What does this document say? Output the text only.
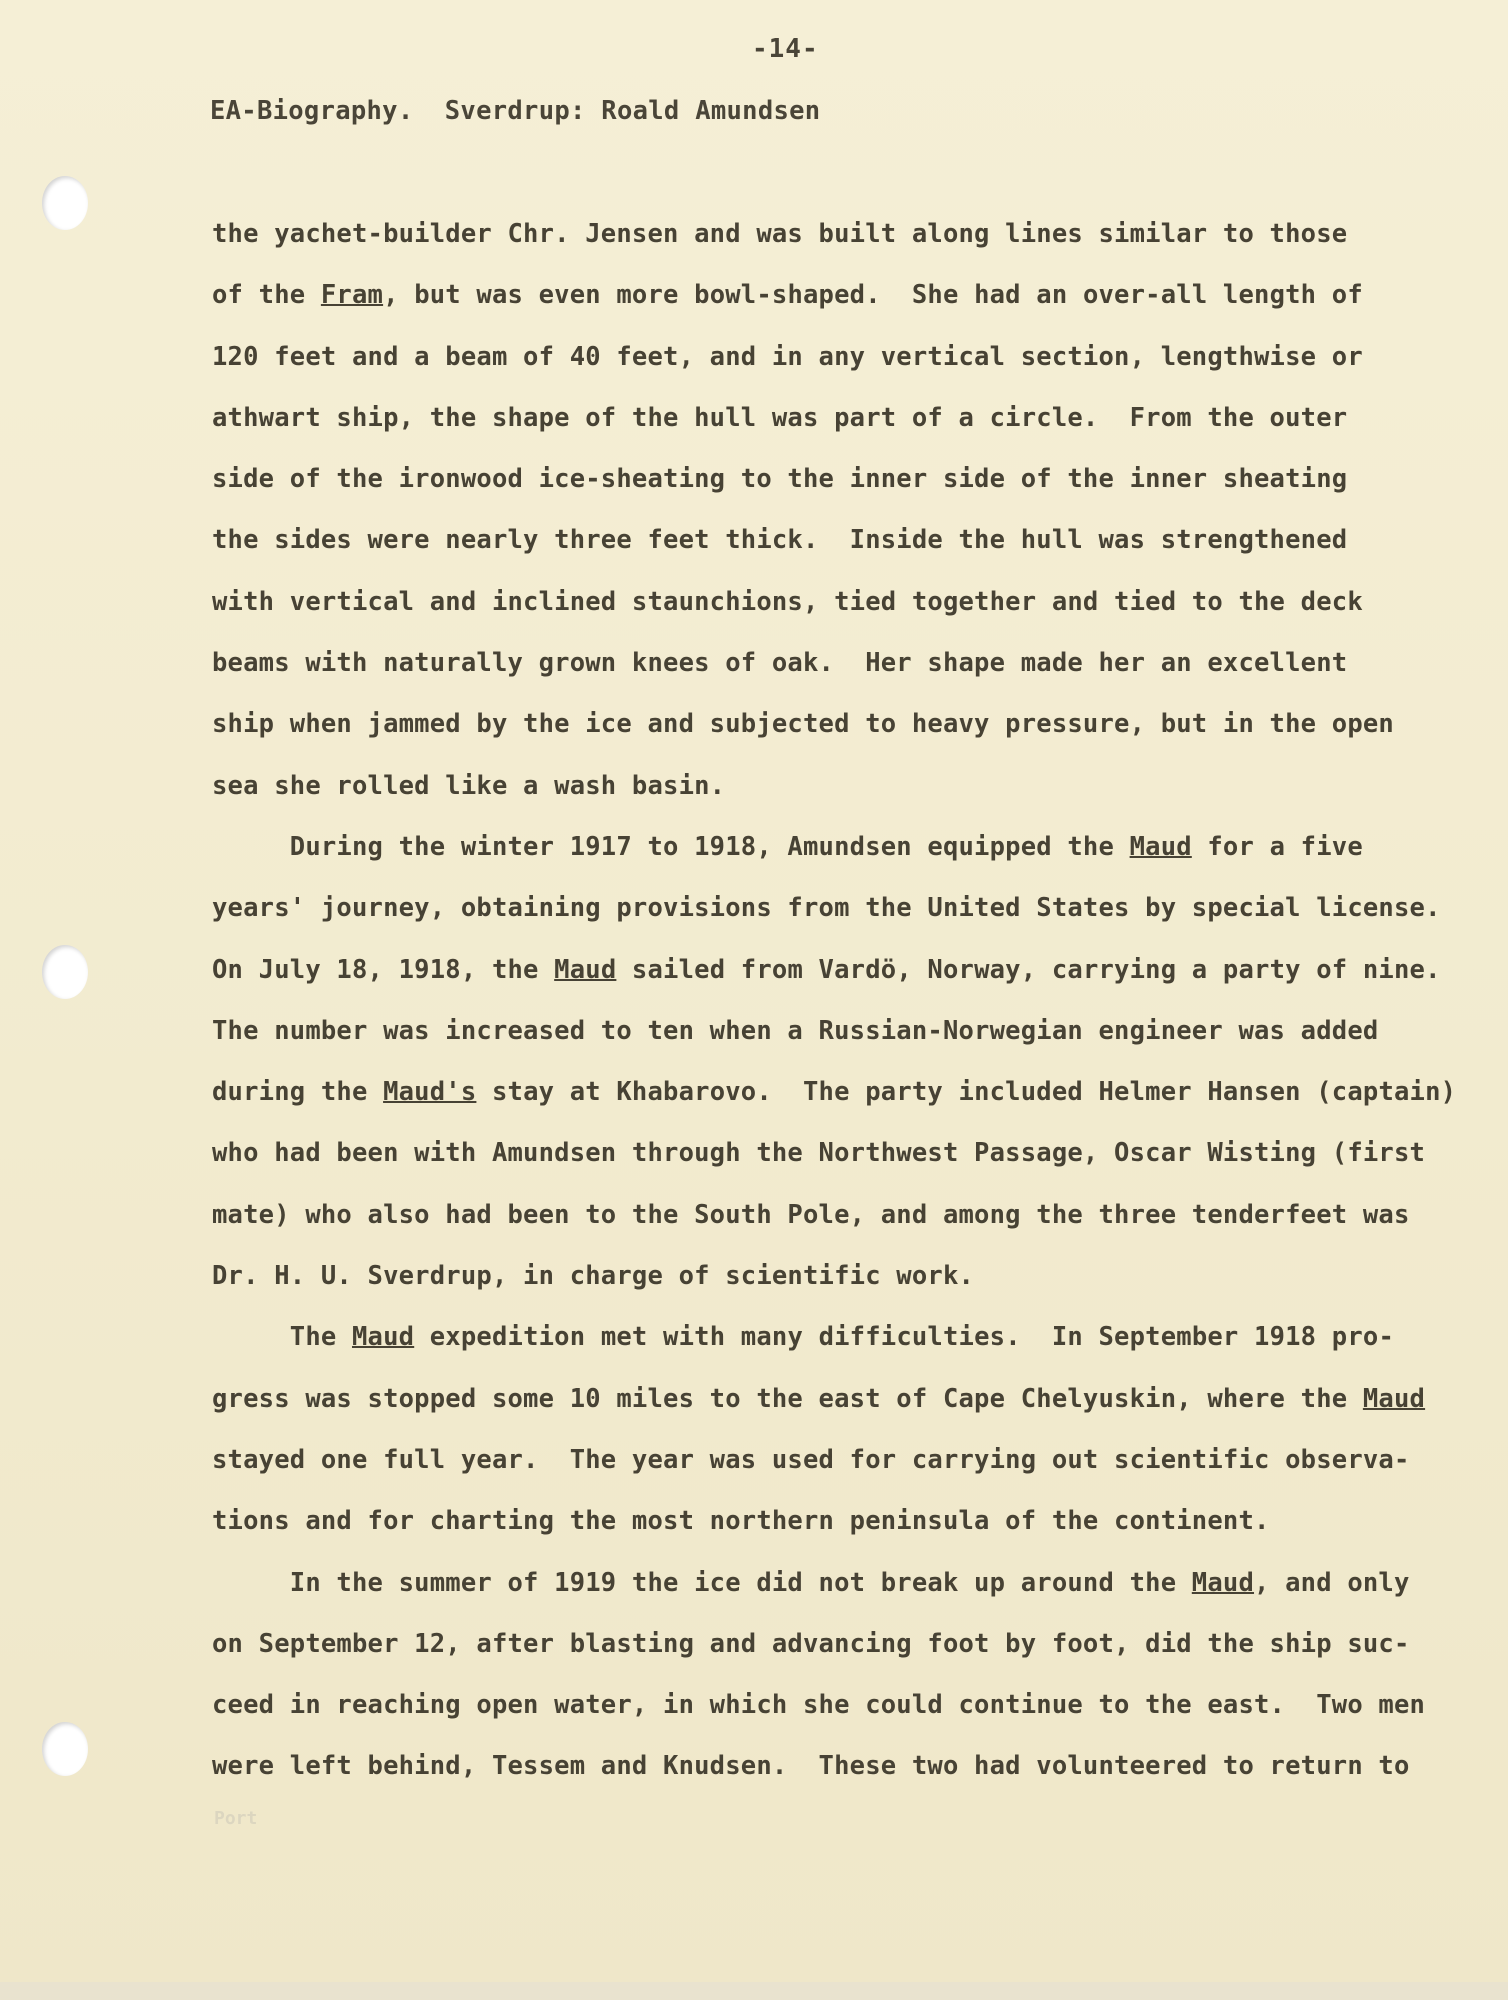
-14-
EA-Biography.  Sverdrup: Roald Amundsen
the yachet-builder Chr. Jensen and was built along lines similar to those
of the Fram, but was even more bowl-shaped.  She had an over-all length of
120 feet and a beam of 40 feet, and in any vertical section, lengthwise or
athwart ship, the shape of the hull was part of a circle.  From the outer
side of the ironwood ice-sheating to the inner side of the inner sheating
the sides were nearly three feet thick.  Inside the hull was strengthened
with vertical and inclined staunchions, tied together and tied to the deck
beams with naturally grown knees of oak.  Her shape made her an excellent
ship when jammed by the ice and subjected to heavy pressure, but in the open
sea she rolled like a wash basin.
During the winter 1917 to 1918, Amundsen equipped the Maud for a five
years' journey, obtaining provisions from the United States by special license.
On July 18, 1918, the Maud sailed from Vardö, Norway, carrying a party of nine.
The number was increased to ten when a Russian-Norwegian engineer was added
during the Maud's stay at Khabarovo.  The party included Helmer Hansen (captain)
who had been with Amundsen through the Northwest Passage, Oscar Wisting (first
mate) who also had been to the South Pole, and among the three tenderfeet was
Dr. H. U. Sverdrup, in charge of scientific work.
The Maud expedition met with many difficulties.  In September 1918 pro-
gress was stopped some 10 miles to the east of Cape Chelyuskin, where the Maud
stayed one full year.  The year was used for carrying out scientific observa-
tions and for charting the most northern peninsula of the continent.
In the summer of 1919 the ice did not break up around the Maud, and only
on September 12, after blasting and advancing foot by foot, did the ship suc-
ceed in reaching open water, in which she could continue to the east.  Two men
were left behind, Tessem and Knudsen.  These two had volunteered to return to
Port
